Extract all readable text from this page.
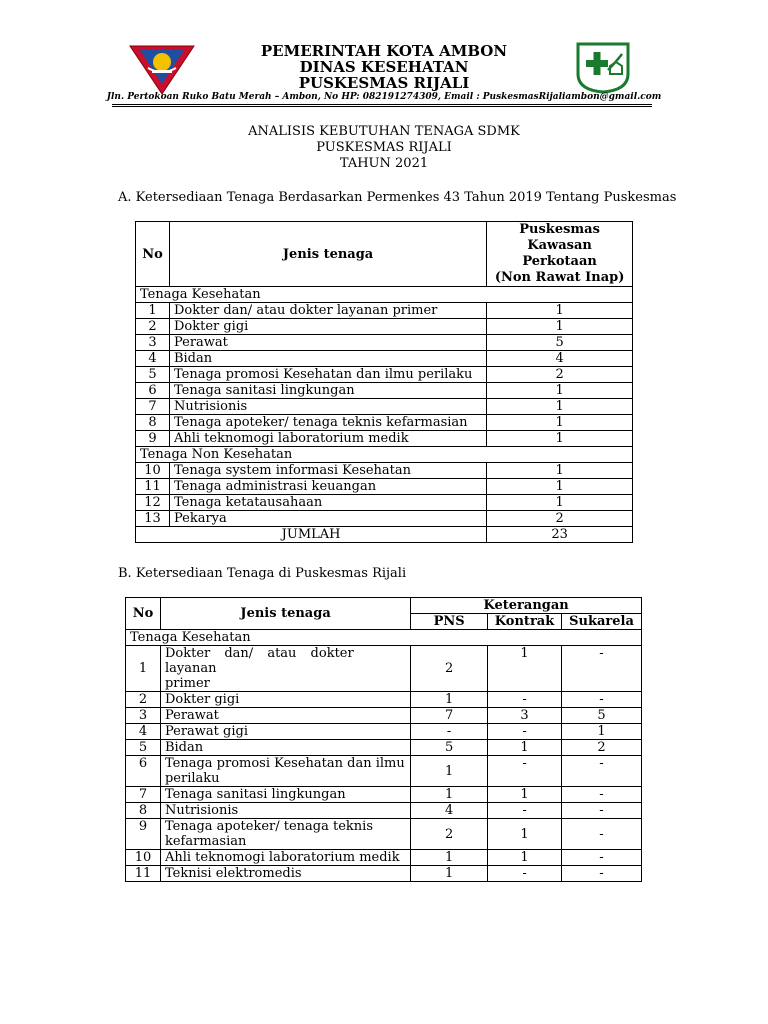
PEMERINTAH KOTA AMBON
DINAS KESEHATAN
PUSKESMAS RIJALI
Jln. Pertokoan Ruko Batu Merah – Ambon, No HP: 082191274309, Email : PuskesmasRijaliambon@gmail.com
ANALISIS KEBUTUHAN TENAGA SDMK
PUSKESMAS RIJALI
TAHUN 2021
A. Ketersediaan Tenaga Berdasarkan Permenkes 43 Tahun 2019 Tentang Puskesmas
No	Jenis tenaga	Puskesmas
Kawasan Perkotaan
(Non Rawat Inap)

Tenaga Kesehatan		
1	Dokter dan/ atau dokter layanan primer	1
2	Dokter gigi	1
3	Perawat	5
4	Bidan	4
5	Tenaga promosi Kesehatan dan ilmu perilaku	2
6	Tenaga sanitasi lingkungan	1
7	Nutrisionis	1
8	Tenaga apoteker/ tenaga teknis kefarmasian	1
9	Ahli teknomogi laboratorium medik	1
Tenaga Non Kesehatan		
10	Tenaga system informasi Kesehatan	1
11	Tenaga administrasi keuangan	1
12	Tenaga ketatausahaan	1
13	Pekarya	2
JUMLAH		23
B. Ketersediaan Tenaga di Puskesmas Rijali
No	Jenis tenaga	Keterangan		
		PNS	Kontrak	Sukarela
Tenaga Kesehatan				
1	Dokter dan/ atau dokter layanan
primer	2	1	-
2	Dokter gigi	1	-	-
3	Perawat	7	3	5
4	Perawat gigi	-	-	1
5	Bidan	5	1	2
6	Tenaga promosi Kesehatan dan ilmu
perilaku	1	-	-
7	Tenaga sanitasi lingkungan	1	1	-
8	Nutrisionis	4	-	-
9	Tenaga apoteker/ tenaga teknis
kefarmasian	2	1	-
10	Ahli teknomogi laboratorium medik	1	1	-
11	Teknisi elektromedis	1	-	-
